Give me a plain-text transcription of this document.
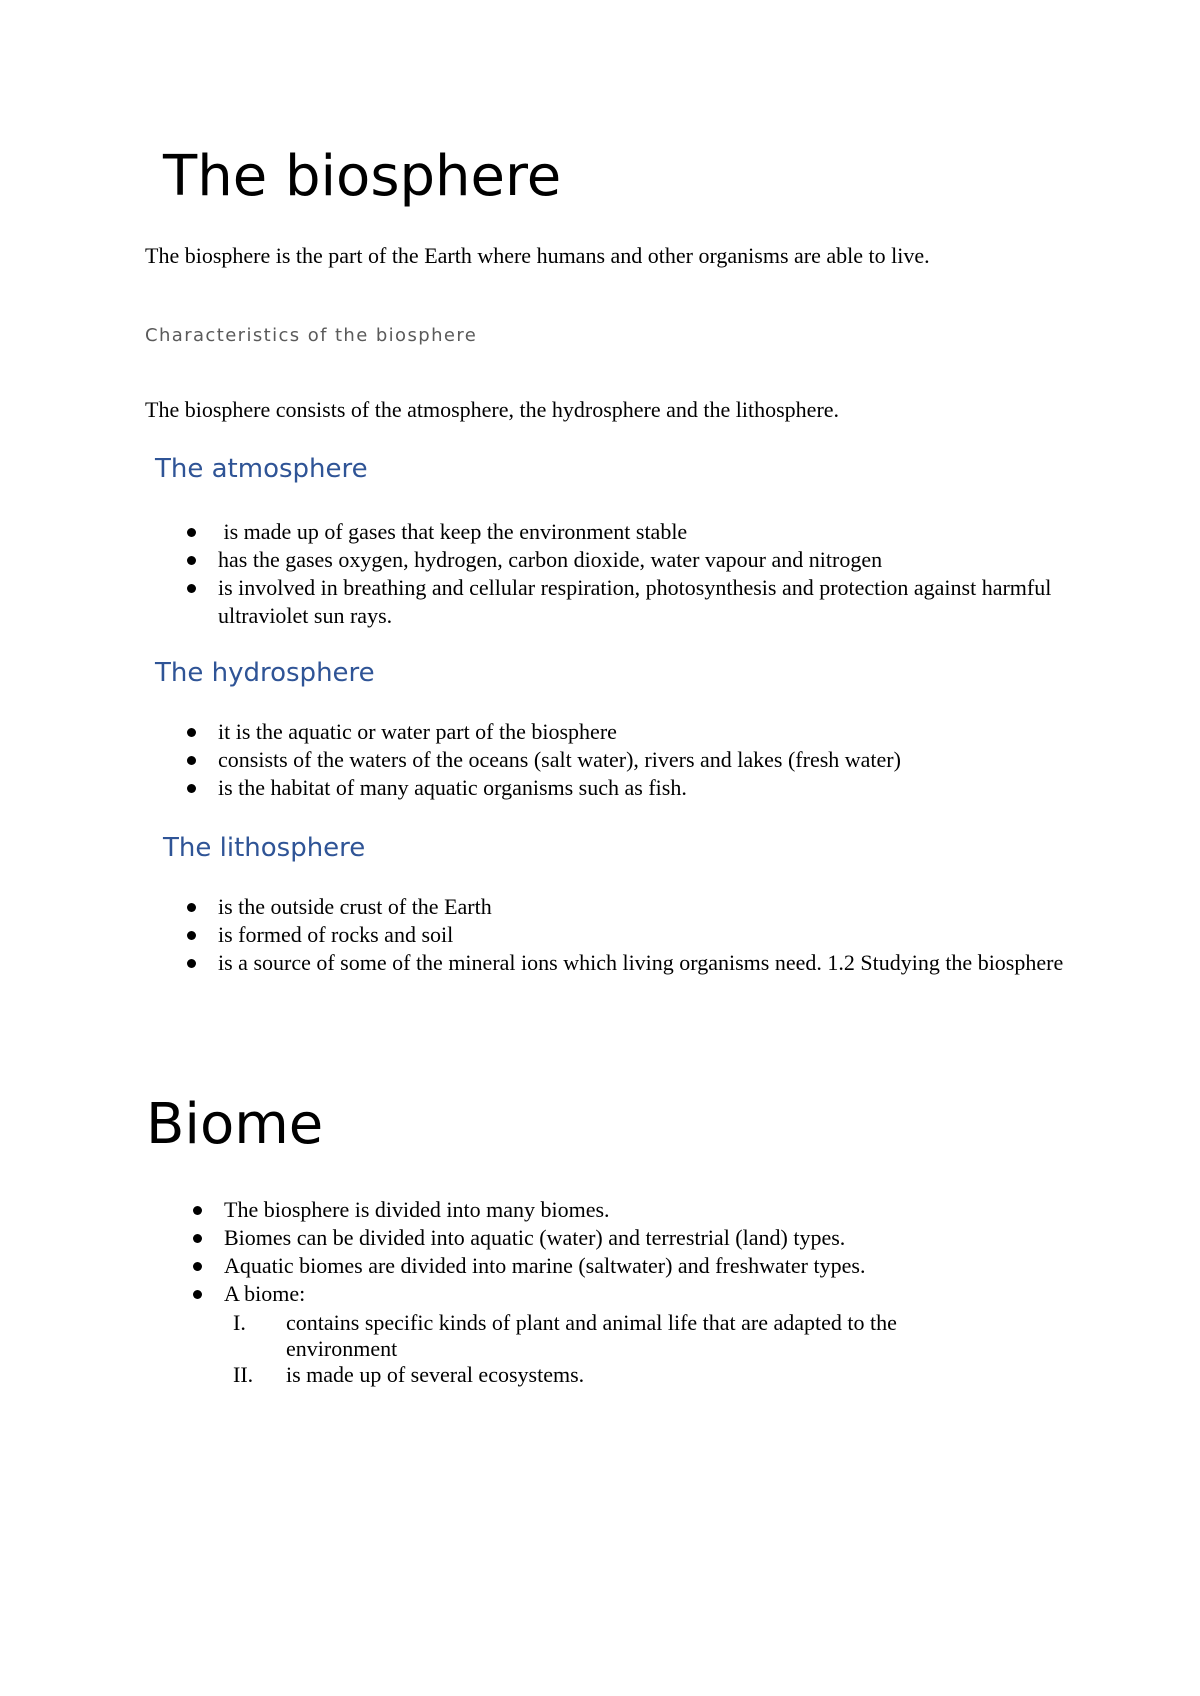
The biosphere
The biosphere is the part of the Earth where humans and other organisms are able to live.
Characteristics of the biosphere
The biosphere consists of the atmosphere, the hydrosphere and the lithosphere.
The atmosphere
is made up of gases that keep the environment stable
has the gases oxygen, hydrogen, carbon dioxide, water vapour and nitrogen
is involved in breathing and cellular respiration, photosynthesis and protection against harmful ultraviolet sun rays.
The hydrosphere
it is the aquatic or water part of the biosphere
consists of the waters of the oceans (salt water), rivers and lakes (fresh water)
is the habitat of many aquatic organisms such as fish.
The lithosphere
is the outside crust of the Earth
is formed of rocks and soil
is a source of some of the mineral ions which living organisms need. 1.2 Studying the biosphere
Biome
The biosphere is divided into many biomes.
Biomes can be divided into aquatic (water) and terrestrial (land) types.
Aquatic biomes are divided into marine (saltwater) and freshwater types.
A biome:
I. contains specific kinds of plant and animal life that are adapted to the environment
II. is made up of several ecosystems.
